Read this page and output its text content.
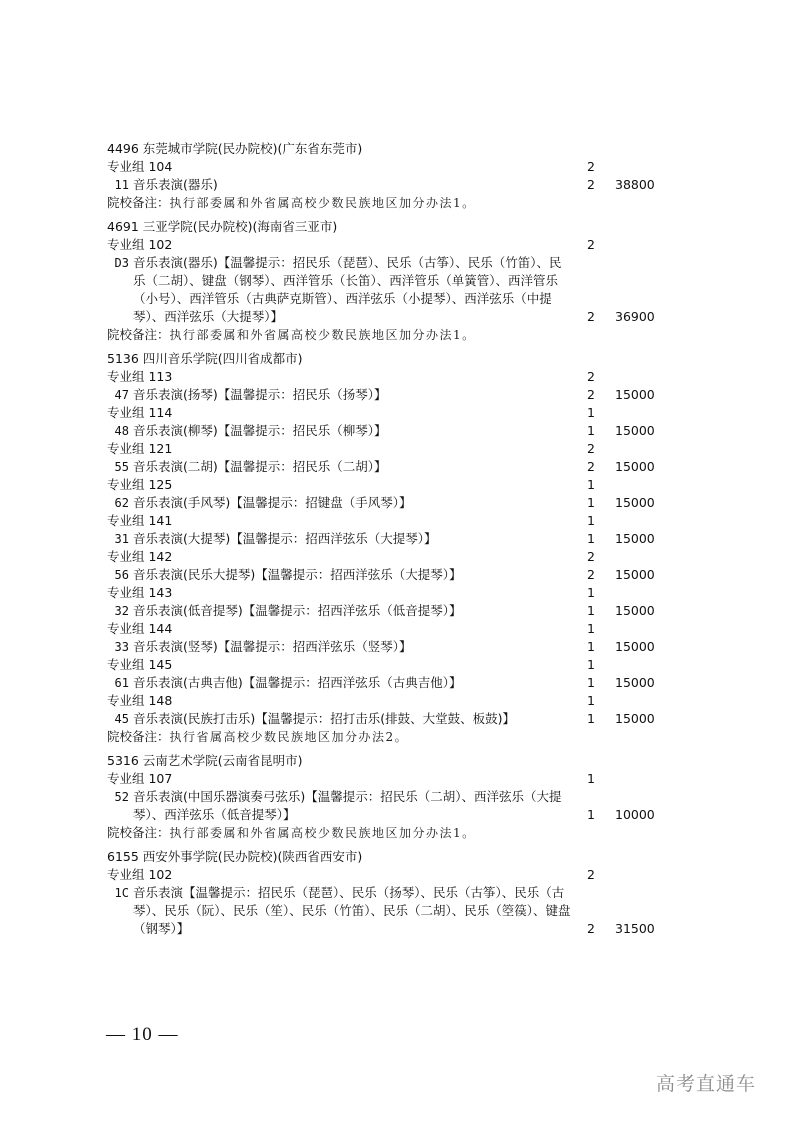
4496 东莞城市学院(民办院校)(广东省东莞市)
专业组 104	2
11 音乐表演(器乐)	2 38800
院校备注：执行部委属和外省属高校少数民族地区加分办法1。
4691 三亚学院(民办院校)(海南省三亚市)
专业组 102	2
D3 音乐表演(器乐)【温馨提示：招民乐（琵琶）、民乐（古筝）、民乐（竹笛）、民乐（二胡）、键盘（钢琴）、西洋管乐（长笛）、西洋管乐（单簧管）、西洋管乐（小号）、西洋管乐（古典萨克斯管）、西洋弦乐（小提琴）、西洋弦乐（中提琴）、西洋弦乐（大提琴）】	2 36900
院校备注：执行部委属和外省属高校少数民族地区加分办法1。
5136 四川音乐学院(四川省成都市)
专业组 113	2
47 音乐表演(扬琴)【温馨提示：招民乐（扬琴）】	2 15000
专业组 114	1
48 音乐表演(柳琴)【温馨提示：招民乐（柳琴）】	1 15000
专业组 121	2
55 音乐表演(二胡)【温馨提示：招民乐（二胡）】	2 15000
专业组 125	1
62 音乐表演(手风琴)【温馨提示：招键盘（手风琴）】	1 15000
专业组 141	1
31 音乐表演(大提琴)【温馨提示：招西洋弦乐（大提琴）】	1 15000
专业组 142	2
56 音乐表演(民乐大提琴)【温馨提示：招西洋弦乐（大提琴）】	2 15000
专业组 143	1
32 音乐表演(低音提琴)【温馨提示：招西洋弦乐（低音提琴）】	1 15000
专业组 144	1
33 音乐表演(竖琴)【温馨提示：招西洋弦乐（竖琴）】	1 15000
专业组 145	1
61 音乐表演(古典吉他)【温馨提示：招西洋弦乐（古典吉他）】	1 15000
专业组 148	1
45 音乐表演(民族打击乐)【温馨提示：招打击乐(排鼓、大堂鼓、板鼓)】	1 15000
院校备注：执行省属高校少数民族地区加分办法2。
5316 云南艺术学院(云南省昆明市)
专业组 107	1
52 音乐表演(中国乐器演奏弓弦乐)【温馨提示：招民乐（二胡）、西洋弦乐（大提琴）、西洋弦乐（低音提琴）】	1 10000
院校备注：执行部委属和外省属高校少数民族地区加分办法1。
6155 西安外事学院(民办院校)(陕西省西安市)
专业组 102	2
1C 音乐表演【温馨提示：招民乐（琵琶）、民乐（扬琴）、民乐（古筝）、民乐（古琴）、民乐（阮）、民乐（笙）、民乐（竹笛）、民乐（二胡）、民乐（箜篌）、键盘（钢琴）】	2 31500
— 10 —
高考直通车
